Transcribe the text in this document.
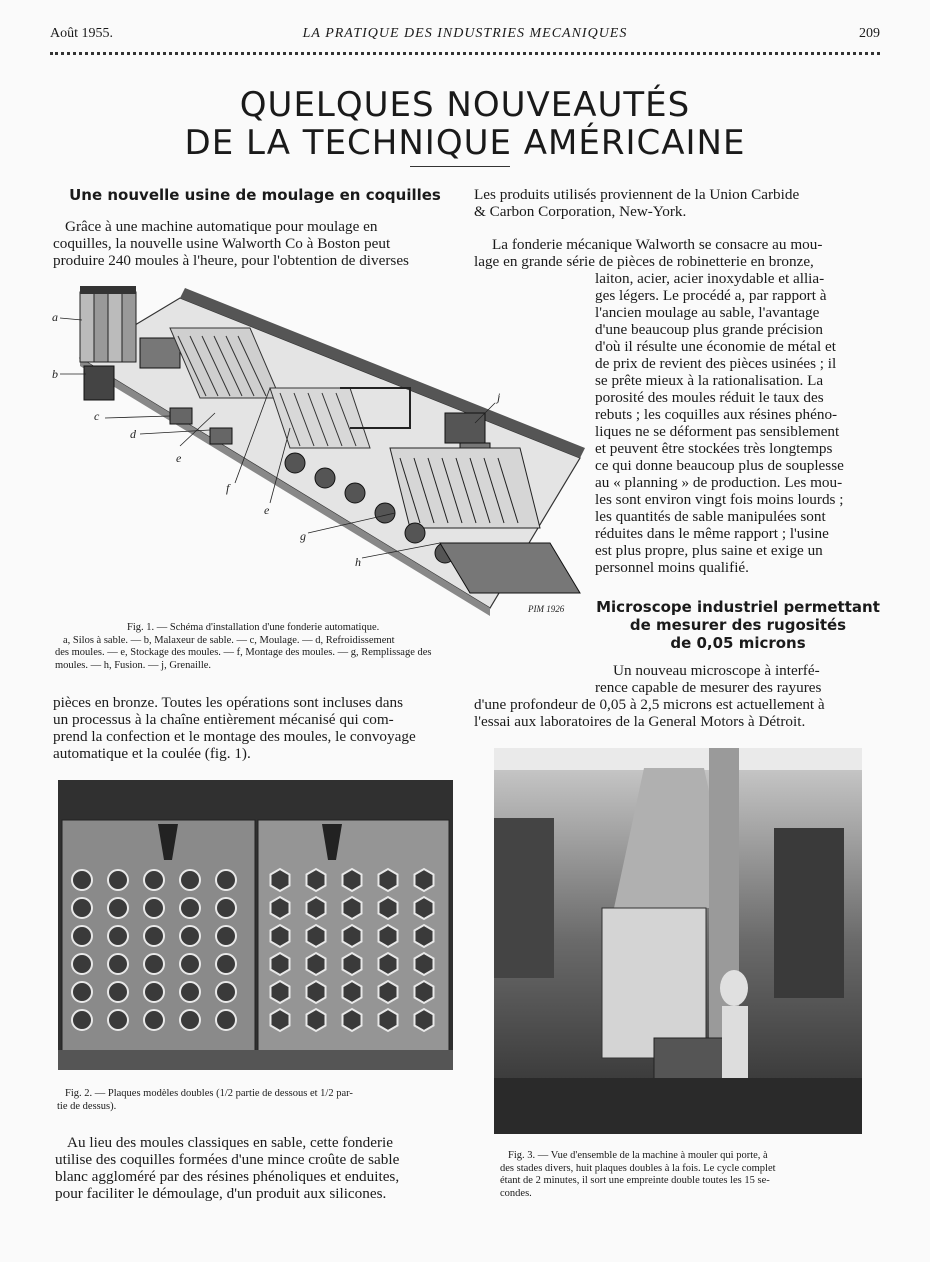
Août 1955.	LA PRATIQUE DES INDUSTRIES MECANIQUES	209
QUELQUES NOUVEAUTÉS
DE LA TECHNIQUE AMÉRICAINE
Une nouvelle usine de moulage en coquilles
Grâce à une machine automatique pour moulage en
coquilles, la nouvelle usine Walworth Co à Boston peut
produire 240 moules à l'heure, pour l'obtention de diverses
a
b
c
d
e
f
e
g
h
j
PIM 1926
Fig. 1. — Schéma d'installation d'une fonderie automatique.
a, Silos à sable. — b, Malaxeur de sable. — c, Moulage. — d, Refroidissement
des moules. — e, Stockage des moules. — f, Montage des moules. — g, Remplissage des
moules. — h, Fusion. — j, Grenaille.
pièces en bronze. Toutes les opérations sont incluses dans
un processus à la chaîne entièrement mécanisé qui com-
prend la confection et le montage des moules, le convoyage
automatique et la coulée (fig. 1).
Fig. 2. — Plaques modèles doubles (1/2 partie de dessous et 1/2 par-
tie de dessus).
Au lieu des moules classiques en sable, cette fonderie
utilise des coquilles formées d'une mince croûte de sable
blanc aggloméré par des résines phénoliques et enduites,
pour faciliter le démoulage, d'un produit aux silicones.
Les produits utilisés proviennent de la Union Carbide
& Carbon Corporation, New-York.
La fonderie mécanique Walworth se consacre au mou-
lage en grande série de pièces de robinetterie en bronze,
laiton, acier, acier inoxydable et allia-
ges légers. Le procédé a, par rapport à
l'ancien moulage au sable, l'avantage
d'une beaucoup plus grande précision
d'où il résulte une économie de métal et
de prix de revient des pièces usinées ; il
se prête mieux à la rationalisation. La
porosité des moules réduit le taux des
rebuts ; les coquilles aux résines phéno-
liques ne se déforment pas sensiblement
et peuvent être stockées très longtemps
ce qui donne beaucoup plus de souplesse
au « planning » de production. Les mou-
les sont environ vingt fois moins lourds ;
les quantités de sable manipulées sont
réduites dans le même rapport ; l'usine
est plus propre, plus saine et exige un
personnel moins qualifié.
Microscope industriel permettant
de mesurer des rugosités
de 0,05 microns
Un nouveau microscope à interfé-
rence capable de mesurer des rayures
d'une profondeur de 0,05 à 2,5 microns est actuellement à
l'essai aux laboratoires de la General Motors à Détroit.
Fig. 3. — Vue d'ensemble de la machine à mouler qui porte, à
des stades divers, huit plaques doubles à la fois. Le cycle complet
étant de 2 minutes, il sort une empreinte double toutes les 15 se-
condes.
